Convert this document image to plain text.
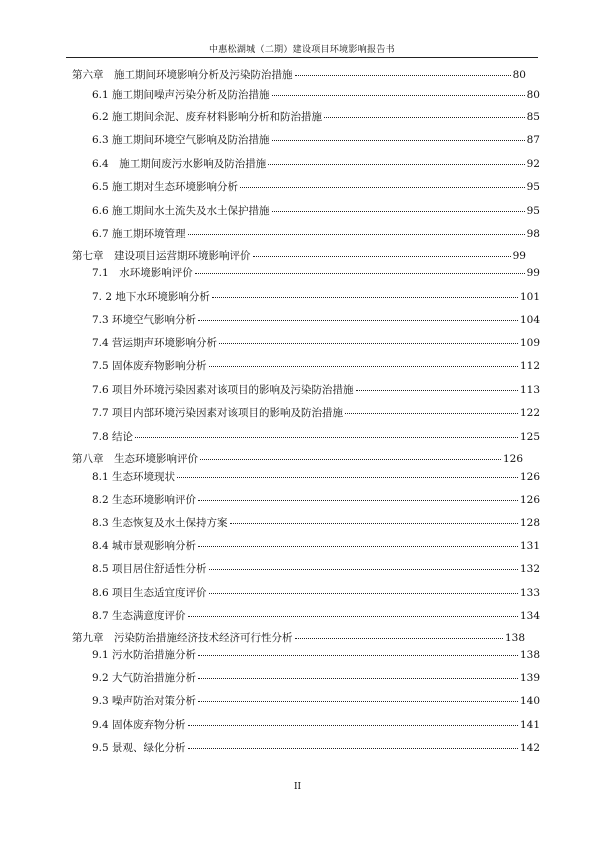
中惠松湖城（二期）建设项目环境影响报告书
第六章　施工期间环境影响分析及污染防治措施	80
6.1 施工期间噪声污染分析及防治措施	80
6.2 施工期间余泥、废弃材料影响分析和防治措施	85
6.3 施工期间环境空气影响及防治措施	87
6.4　施工期间废污水影响及防治措施	92
6.5 施工期对生态环境影响分析	95
6.6 施工期间水土流失及水土保护措施	95
6.7 施工期环境管理	98
第七章　建设项目运营期环境影响评价	99
7.1　水环境影响评价	99
7. 2 地下水环境影响分析	101
7.3 环境空气影响分析	104
7.4 营运期声环境影响分析	109
7.5 固体废弃物影响分析	112
7.6 项目外环境污染因素对该项目的影响及污染防治措施	113
7.7 项目内部环境污染因素对该项目的影响及防治措施	122
7.8 结论	125
第八章　生态环境影响评价	126
8.1 生态环境现状	126
8.2 生态环境影响评价	126
8.3 生态恢复及水土保持方案	128
8.4 城市景观影响分析	131
8.5 项目居住舒适性分析	132
8.6 项目生态适宜度评价	133
8.7 生态满意度评价	134
第九章　污染防治措施经济技术经济可行性分析	138
9.1 污水防治措施分析	138
9.2 大气防治措施分析	139
9.3 噪声防治对策分析	140
9.4 固体废弃物分析	141
9.5 景观、绿化分析	142
II
